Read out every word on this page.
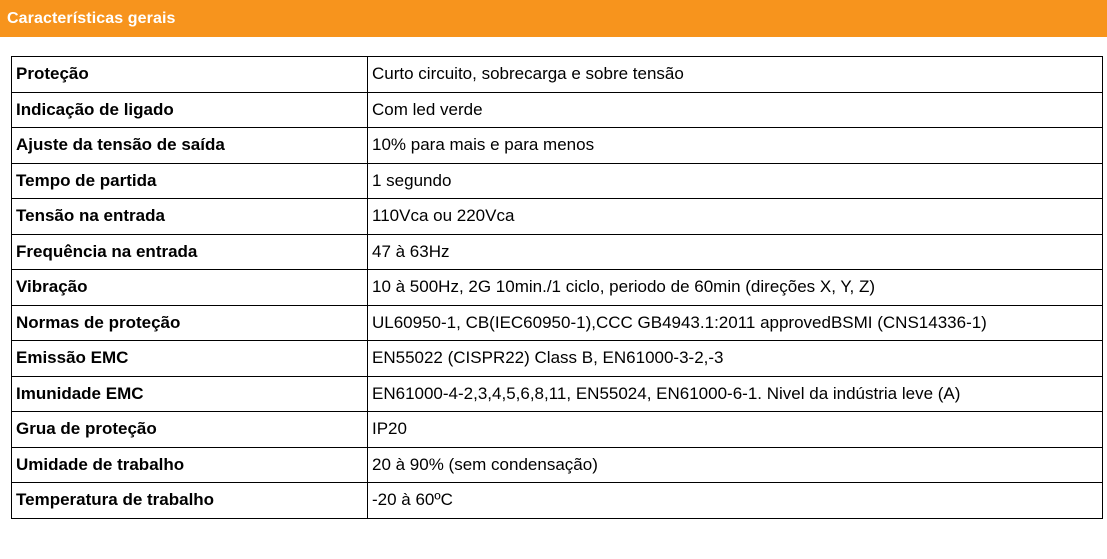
Características gerais
Proteção	Curto circuito, sobrecarga e sobre tensão
Indicação de ligado	Com led verde
Ajuste da tensão de saída	10% para mais e para menos
Tempo de partida	1 segundo
Tensão na entrada	110Vca ou 220Vca
Frequência na entrada	47 à 63Hz
Vibração	10 à 500Hz, 2G 10min./1 ciclo, periodo de 60min (direções X, Y, Z)
Normas de proteção	UL60950-1, CB(IEC60950-1),CCC GB4943.1:2011 approvedBSMI (CNS14336-1)
Emissão EMC	EN55022 (CISPR22) Class B, EN61000-3-2,-3
Imunidade EMC	EN61000-4-2,3,4,5,6,8,11, EN55024, EN61000-6-1. Nivel da indústria leve (A)
Grua de proteção	IP20
Umidade de trabalho	20 à 90% (sem condensação)
Temperatura de trabalho	-20 à 60ºC
